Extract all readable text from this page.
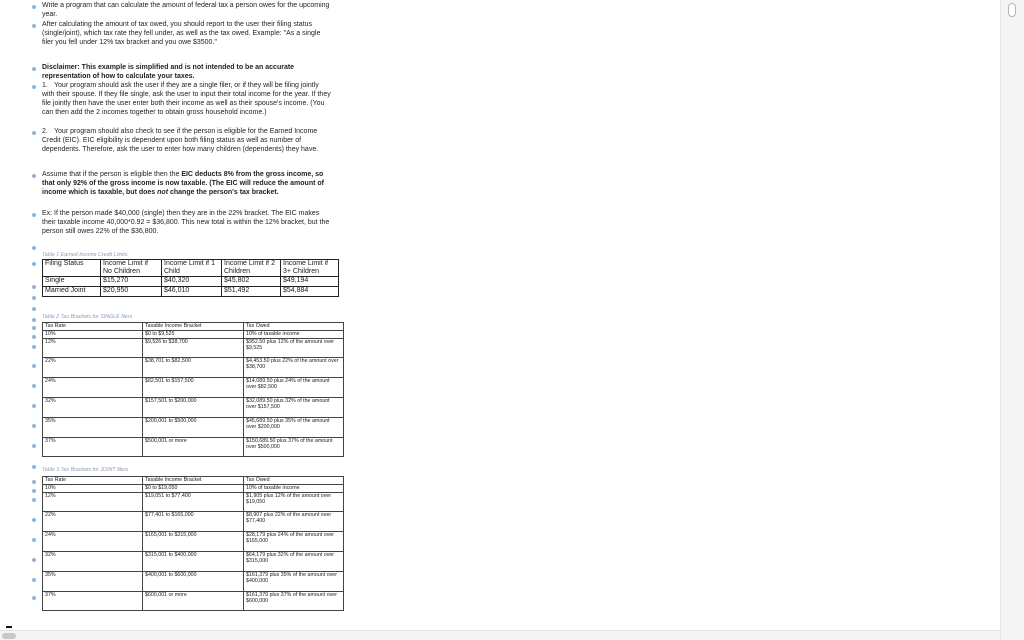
Write a program that can calculate the amount of federal tax a person owes for the upcoming year.
After calculating the amount of tax owed, you should report to the user their filing status (single/joint), which tax rate they fell under, as well as the tax owed. Example: "As a single filer you fell under 12% tax bracket and you owe $3500."
Disclaimer: This example is simplified and is not intended to be an accurate representation of how to calculate your taxes.
1. Your program should ask the user if they are a single filer, or if they will be filing jointly with their spouse. If they file single, ask the user to input their total income for the year. If they file jointly then have the user enter both their income as well as their spouse's income. (You can then add the 2 incomes together to obtain gross household income.)
2. Your program should also check to see if the person is eligible for the Earned Income Credit (EIC). EIC eligibility is dependent upon both filing status as well as number of dependents. Therefore, ask the user to enter how many children (dependents) they have.
Assume that if the person is eligible then the EIC deducts 8% from the gross income, so that only 92% of the gross income is now taxable. (The EIC will reduce the amount of income which is taxable, but does not change the person's tax bracket.
Ex: If the person made $40,000 (single) then they are in the 22% bracket. The EIC makes their taxable income 40,000*0.92 = $36,800. This new total is within the 12% bracket, but the person still owes 22% of the $36,800.
Table 1 Earned Income Credit Limits
Filing Status	Income Limit if No Children	Income Limit if 1 Child	Income Limit if 2 Children	Income Limit if 3+ Children
Single	$15,270	$40,320	$45,802	$49,194
Married Joint	$20,950	$46,010	$51,492	$54,884
Table 2 Tax Brackets for SINGLE filers
Tax Rate	Taxable Income Bracket	Tax Owed
10%	$0 to $9,525	10% of taxable income
12%	$9,526 to $38,700	$952.50 plus 12% of the amount over $9,525
22%	$38,701 to $82,500	$4,453.50 plus 22% of the amount over $38,700
24%	$82,501 to $157,500	$14,089.50 plus 24% of the amount over $82,500
32%	$157,501 to $200,000	$32,089.50 plus 32% of the amount over $157,500
35%	$200,001 to $500,000	$45,689.50 plus 35% of the amount over $200,000
37%	$500,001 or more	$150,689.50 plus 37% of the amount over $500,000
Table 3 Tax Brackets for JOINT filers
Tax Rate	Taxable Income Bracket	Tax Owed
10%	$0 to $19,050	10% of taxable income
12%	$19,051 to $77,400	$1,905 plus 12% of the amount over $19,050
22%	$77,401 to $165,000	$8,907 plus 22% of the amount over $77,400
24%	$165,001 to $315,000	$28,179 plus 24% of the amount over $165,000
32%	$315,001 to $400,000	$64,179 plus 32% of the amount over $315,000
35%	$400,001 to $600,000	$161,379 plus 35% of the amount over $400,000
37%	$600,001 or more	$161,379 plus 37% of the amount over $600,000
